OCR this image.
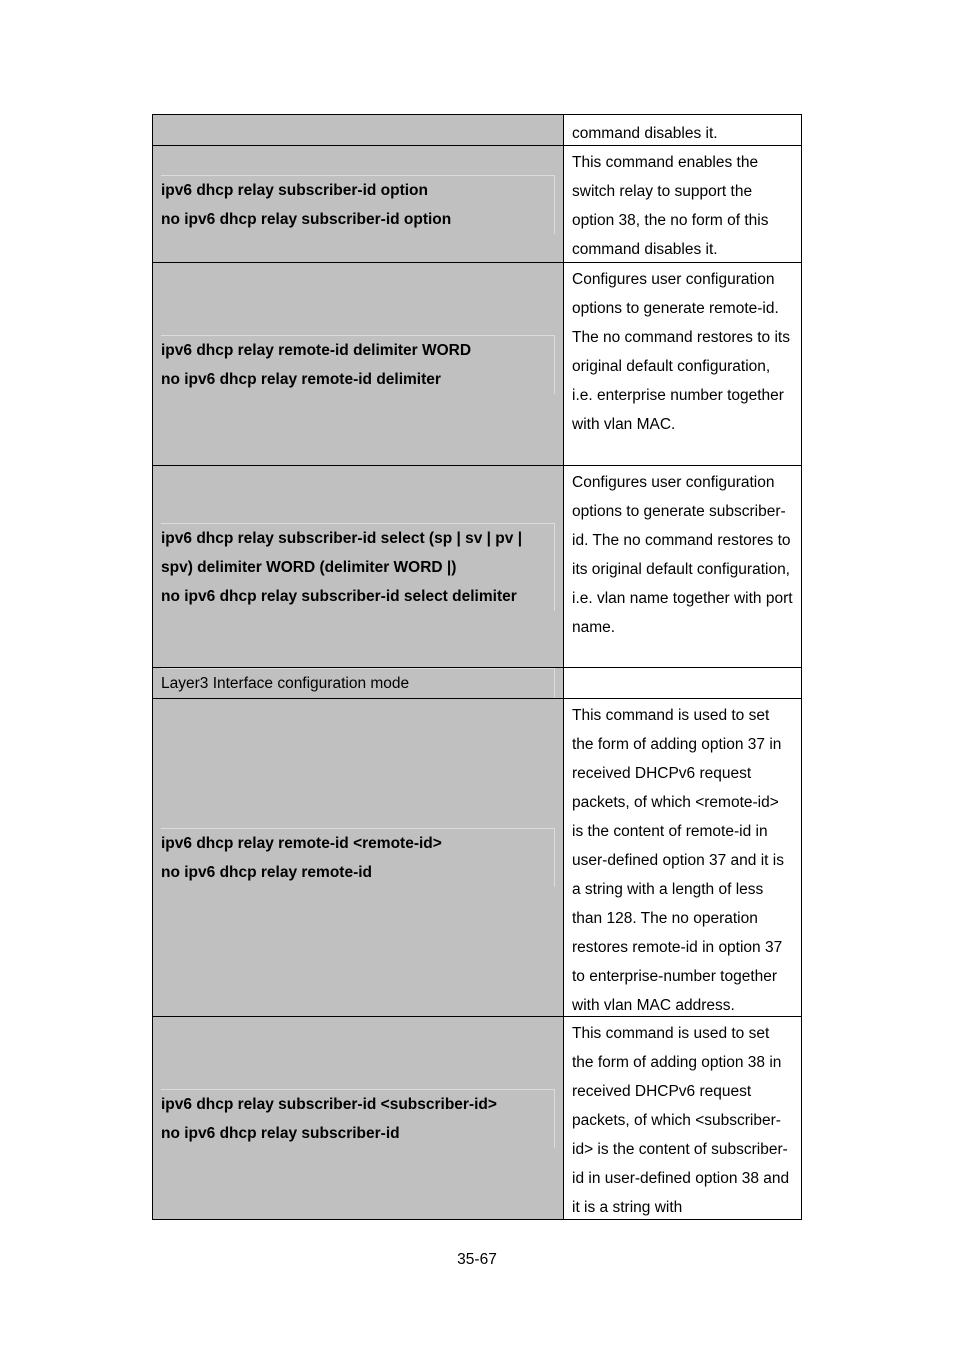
command disables it.
ipv6 dhcp relay subscriber-id option
no ipv6 dhcp relay subscriber-id option
This command enables the switch relay to support the option 38, the no form of this command disables it.
ipv6 dhcp relay remote-id delimiter WORD
no ipv6 dhcp relay remote-id delimiter
Configures user configuration options to generate remote-id. The no command restores to its original default configuration, i.e. enterprise number together with vlan MAC.
ipv6 dhcp relay subscriber-id select (sp | sv | pv |
spv) delimiter WORD (delimiter WORD |)
no ipv6 dhcp relay subscriber-id select delimiter
Configures user configuration options to generate subscriber-id. The no command restores to its original default configuration, i.e. vlan name together with port name.
Layer3 Interface configuration mode
ipv6 dhcp relay remote-id <remote-id>
no ipv6 dhcp relay remote-id
This command is used to set the form of adding option 37 in received DHCPv6 request packets, of which <remote-id> is the content of remote-id in user-defined option 37 and it is a string with a length of less than 128. The no operation restores remote-id in option 37 to enterprise-number together with vlan MAC address.
ipv6 dhcp relay subscriber-id <subscriber-id>
no ipv6 dhcp relay subscriber-id
This command is used to set the form of adding option 38 in received DHCPv6 request packets, of which <subscriber-id> is the content of subscriber-id in user-defined option 38 and it is a string with
35-67
